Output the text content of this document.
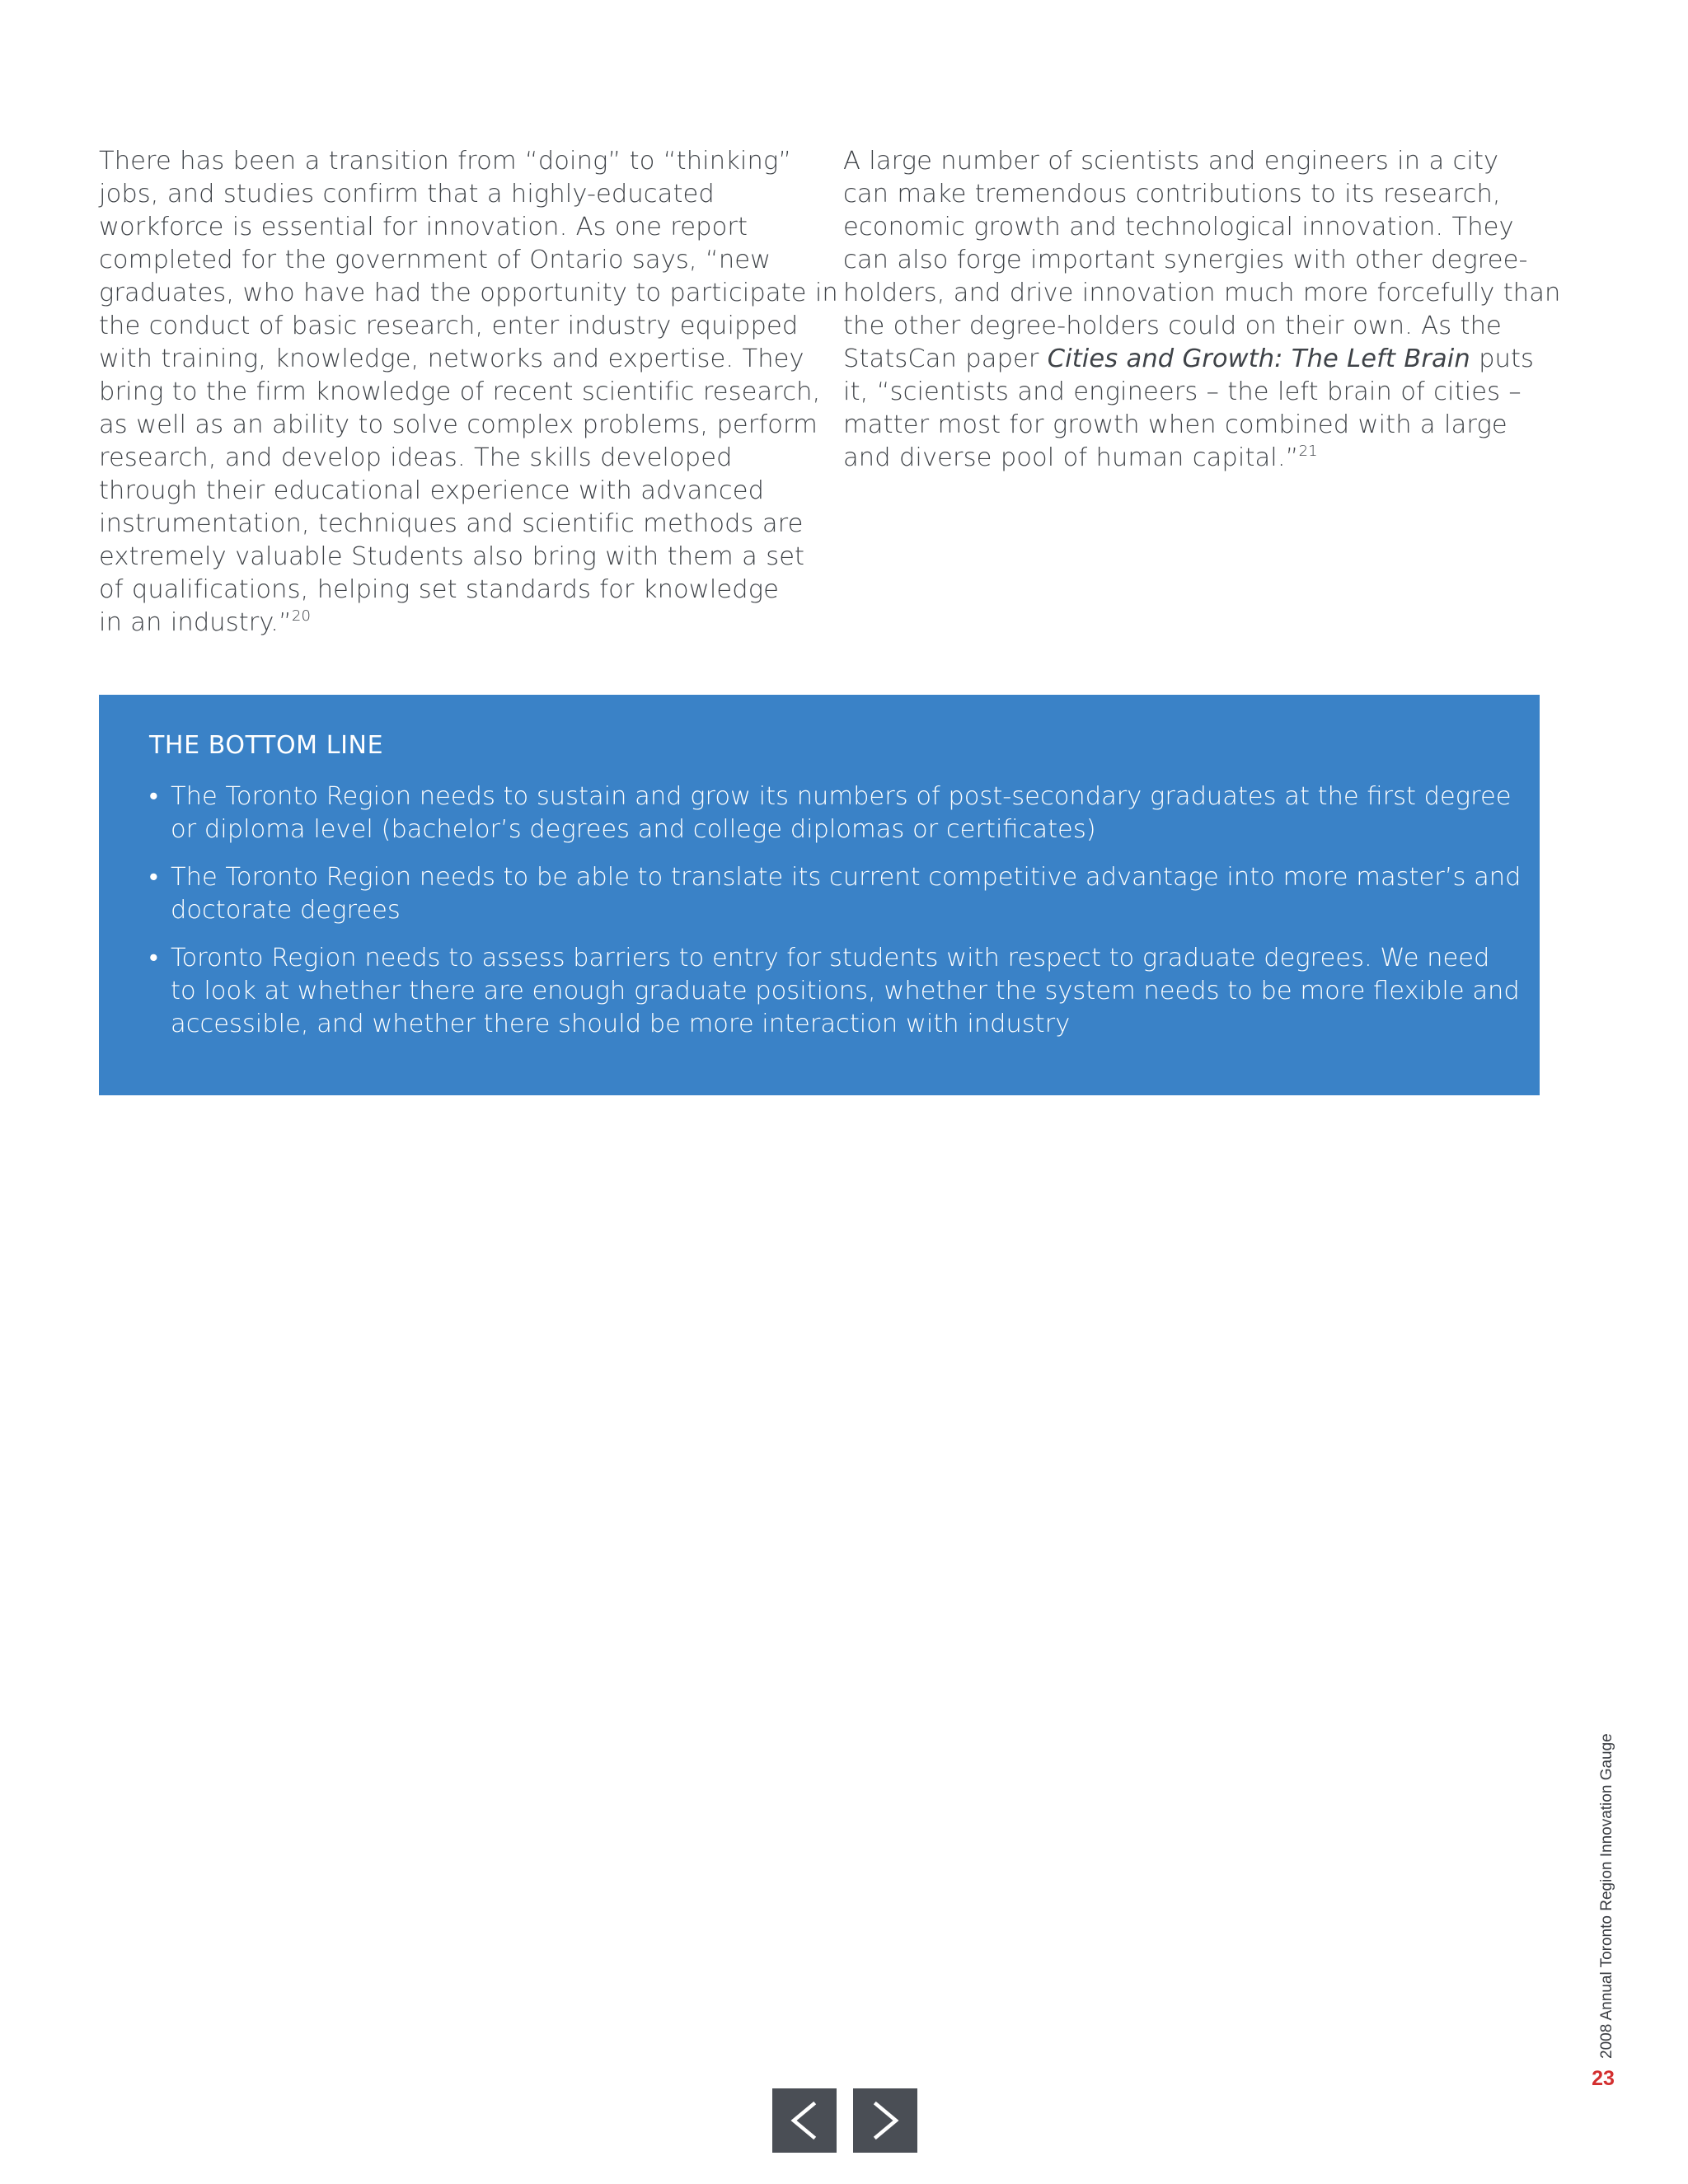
There has been a transition from “doing” to “thinking”
jobs, and studies confirm that a highly-educated
workforce is essential for innovation. As one report
completed for the government of Ontario says, “new
graduates, who have had the opportunity to participate in
the conduct of basic research, enter industry equipped
with training, knowledge, networks and expertise. They
bring to the firm knowledge of recent scientific research,
as well as an ability to solve complex problems, perform
research, and develop ideas. The skills developed
through their educational experience with advanced
instrumentation, techniques and scientific methods are
extremely valuable Students also bring with them a set
of qualifications, helping set standards for knowledge
in an industry.”$^{20}$
A large number of scientists and engineers in a city
can make tremendous contributions to its research,
economic growth and technological innovation. They
can also forge important synergies with other degree-
holders, and drive innovation much more forcefully than
the other degree-holders could on their own. As the
StatsCan paper Cities and Growth: The Left Brain puts
it, “scientists and engineers – the left brain of cities –
matter most for growth when combined with a large
and diverse pool of human capital.”$^{21}$
THE BOTTOM LINE
• The Toronto Region needs to sustain and grow its numbers of post-secondary graduates at the first degree
or diploma level (bachelor’s degrees and college diplomas or certificates)
• The Toronto Region needs to be able to translate its current competitive advantage into more master’s and
doctorate degrees
• Toronto Region needs to assess barriers to entry for students with respect to graduate degrees. We need
to look at whether there are enough graduate positions, whether the system needs to be more flexible and
accessible, and whether there should be more interaction with industry
2008 Annual Toronto Region Innovation Gauge
23
